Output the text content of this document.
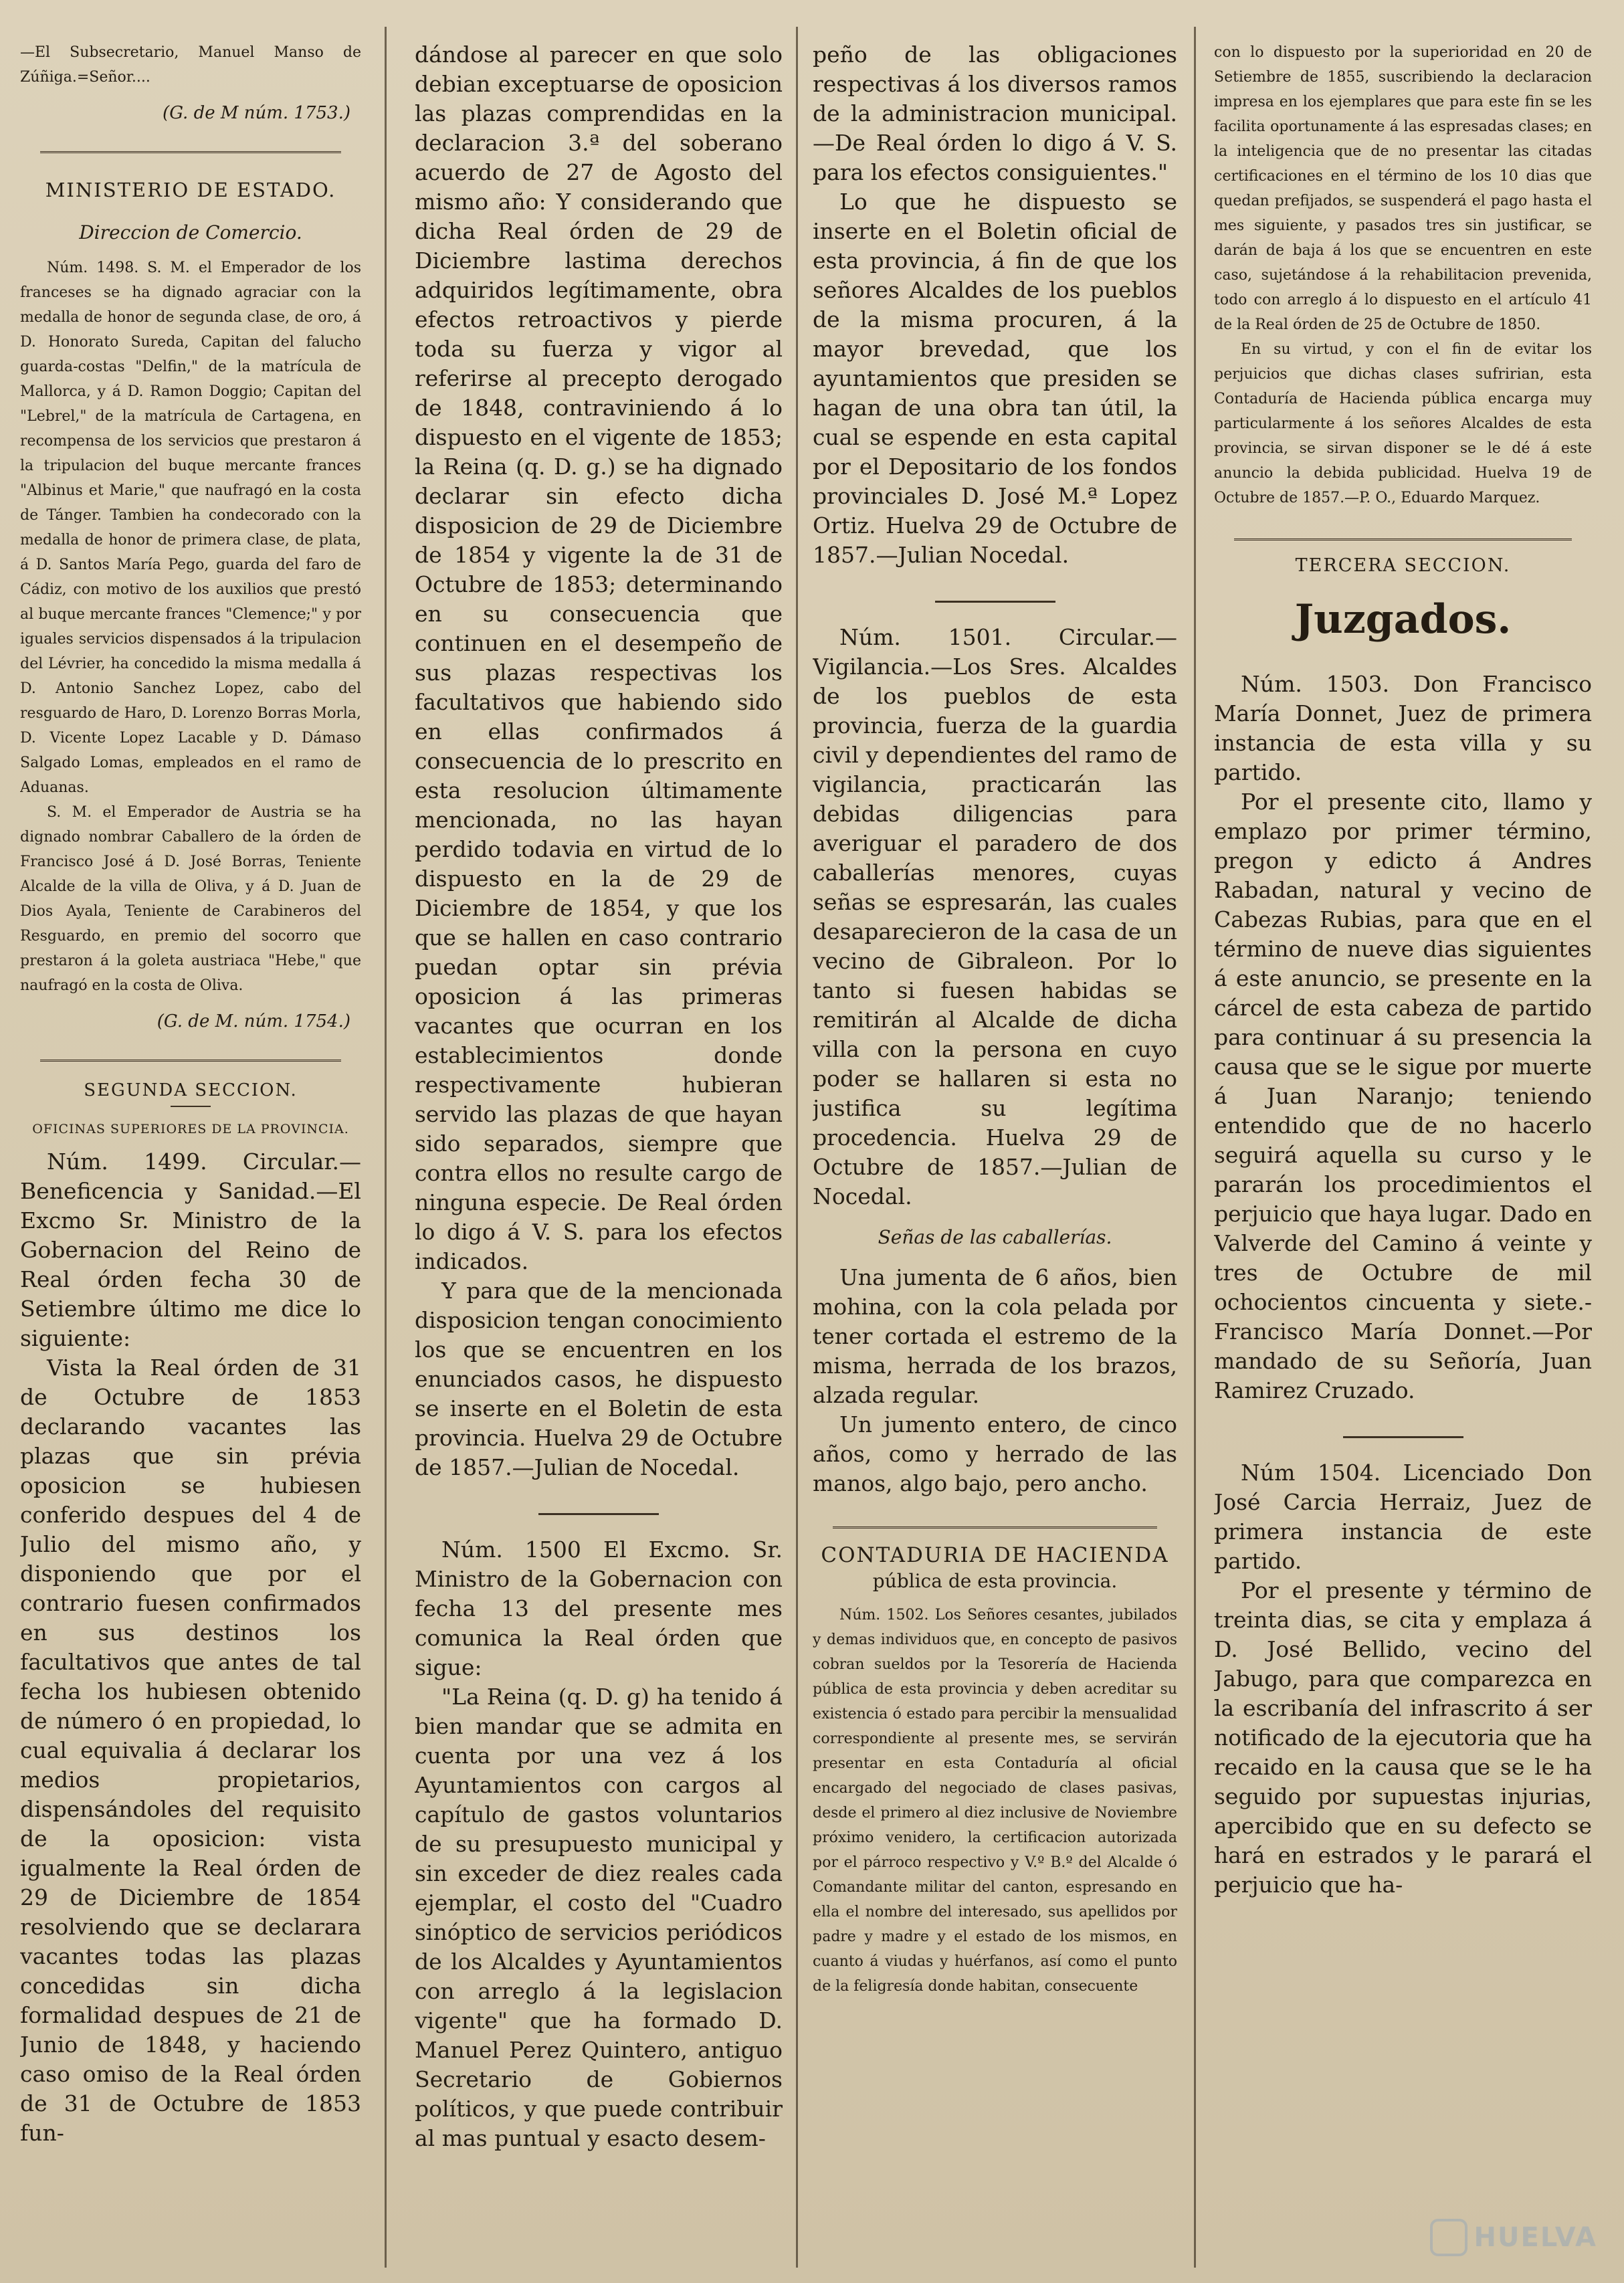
—El Subsecretario, Manuel Manso de Zúñiga.=Señor....

(G. de M núm. 1753.)

MINISTERIO DE ESTADO.

Direccion de Comercio.

Núm. 1498. S. M. el Emperador de los franceses se ha dignado agraciar con la medalla de honor de segunda clase, de oro, á D. Honorato Sureda, Capitan del falucho guarda-costas "Delfin," de la matrícula de Mallorca, y á D. Ramon Doggio; Capitan del "Lebrel," de la matrícula de Cartagena, en recompensa de los servicios que prestaron á la tripulacion del buque mercante frances "Albinus et Marie," que naufragó en la costa de Tánger. Tambien ha condecorado con la medalla de honor de primera clase, de plata, á D. Santos María Pego, guarda del faro de Cádiz, con motivo de los auxilios que prestó al buque mercante frances "Clemence;" y por iguales servicios dispensados á la tripulacion del Lévrier, ha concedido la misma medalla á D. Antonio Sanchez Lopez, cabo del resguardo de Haro, D. Lorenzo Borras Morla, D. Vicente Lopez Lacable y D. Dámaso Salgado Lomas, empleados en el ramo de Aduanas.

S. M. el Emperador de Austria se ha dignado nombrar Caballero de la órden de Francisco José á D. José Borras, Teniente Alcalde de la villa de Oliva, y á D. Juan de Dios Ayala, Teniente de Carabineros del Resguardo, en premio del socorro que prestaron á la goleta austriaca "Hebe," que naufragó en la costa de Oliva.

(G. de M. núm. 1754.)

SEGUNDA SECCION.
OFICINAS SUPERIORES DE LA PROVINCIA.

Núm. 1499. Circular.— Beneficencia y Sanidad.—El Excmo Sr. Ministro de la Gobernacion del Reino de Real órden fecha 30 de Setiembre último me dice lo siguiente:

Vista la Real órden de 31 de Octubre de 1853 declarando vacantes las plazas que sin prévia oposicion se hubiesen conferido despues del 4 de Julio del mismo año, y disponiendo que por el contrario fuesen confirmados en sus destinos los facultativos que antes de tal fecha los hubiesen obtenido de número ó en propiedad, lo cual equivalia á declarar los medios propietarios, dispensándoles del requisito de la oposicion: vista igualmente la Real órden de 29 de Diciembre de 1854 resolviendo que se declarara vacantes todas las plazas concedidas sin dicha formalidad despues de 21 de Junio de 1848, y haciendo caso omiso de la Real órden de 31 de Octubre de 1853 fun-

dándose al parecer en que solo debian exceptuarse de oposicion las plazas comprendidas en la declaracion 3.ª del soberano acuerdo de 27 de Agosto del mismo año: Y considerando que dicha Real órden de 29 de Diciembre lastima derechos adquiridos legítimamente, obra efectos retroactivos y pierde toda su fuerza y vigor al referirse al precepto derogado de 1848, contraviniendo á lo dispuesto en el vigente de 1853; la Reina (q. D. g.) se ha dignado declarar sin efecto dicha disposicion de 29 de Diciembre de 1854 y vigente la de 31 de Octubre de 1853; determinando en su consecuencia que continuen en el desempeño de sus plazas respectivas los facultativos que habiendo sido en ellas confirmados á consecuencia de lo prescrito en esta resolucion últimamente mencionada, no las hayan perdido todavia en virtud de lo dispuesto en la de 29 de Diciembre de 1854, y que los que se hallen en caso contrario puedan optar sin prévia oposicion á las primeras vacantes que ocurran en los establecimientos donde respectivamente hubieran servido las plazas de que hayan sido separados, siempre que contra ellos no resulte cargo de ninguna especie. De Real órden lo digo á V. S. para los efectos indicados.

Y para que de la mencionada disposicion tengan conocimiento los que se encuentren en los enunciados casos, he dispuesto se inserte en el Boletin de esta provincia. Huelva 29 de Octubre de 1857.—Julian de Nocedal.

Núm. 1500 El Excmo. Sr. Ministro de la Gobernacion con fecha 13 del presente mes comunica la Real órden que sigue:

"La Reina (q. D. g) ha tenido á bien mandar que se admita en cuenta por una vez á los Ayuntamientos con cargos al capítulo de gastos voluntarios de su presupuesto municipal y sin exceder de diez reales cada ejemplar, el costo del "Cuadro sinóptico de servicios periódicos de los Alcaldes y Ayuntamientos con arreglo á la legislacion vigente" que ha formado D. Manuel Perez Quintero, antiguo Secretario de Gobiernos políticos, y que puede contribuir al mas puntual y esacto desem-

peño de las obligaciones respectivas á los diversos ramos de la administracion municipal.—De Real órden lo digo á V. S. para los efectos consiguientes."

Lo que he dispuesto se inserte en el Boletin oficial de esta provincia, á fin de que los señores Alcaldes de los pueblos de la misma procuren, á la mayor brevedad, que los ayuntamientos que presiden se hagan de una obra tan útil, la cual se espende en esta capital por el Depositario de los fondos provinciales D. José M.ª Lopez Ortiz. Huelva 29 de Octubre de 1857.—Julian Nocedal.

Núm. 1501. Circular.— Vigilancia.—Los Sres. Alcaldes de los pueblos de esta provincia, fuerza de la guardia civil y dependientes del ramo de vigilancia, practicarán las debidas diligencias para averiguar el paradero de dos caballerías menores, cuyas señas se espresarán, las cuales desaparecieron de la casa de un vecino de Gibraleon. Por lo tanto si fuesen habidas se remitirán al Alcalde de dicha villa con la persona en cuyo poder se hallaren si esta no justifica su legítima procedencia. Huelva 29 de Octubre de 1857.—Julian de Nocedal.

Señas de las caballerías.

Una jumenta de 6 años, bien mohina, con la cola pelada por tener cortada el estremo de la misma, herrada de los brazos, alzada regular.

Un jumento entero, de cinco años, como y herrado de las manos, algo bajo, pero ancho.

CONTADURIA DE HACIENDA

pública de esta provincia.

Núm. 1502. Los Señores cesantes, jubilados y demas individuos que, en concepto de pasivos cobran sueldos por la Tesorería de Hacienda pública de esta provincia y deben acreditar su existencia ó estado para percibir la mensualidad correspondiente al presente mes, se servirán presentar en esta Contaduría al oficial encargado del negociado de clases pasivas, desde el primero al diez inclusive de Noviembre próximo venidero, la certificacion autorizada por el párroco respectivo y V.º B.º del Alcalde ó Comandante militar del canton, espresando en ella el nombre del interesado, sus apellidos por padre y madre y el estado de los mismos, en cuanto á viudas y huérfanos, así como el punto de la feligresía donde habitan, consecuente

con lo dispuesto por la superioridad en 20 de Setiembre de 1855, suscribiendo la declaracion impresa en los ejemplares que para este fin se les facilita oportunamente á las espresadas clases; en la inteligencia que de no presentar las citadas certificaciones en el término de los 10 dias que quedan prefijados, se suspenderá el pago hasta el mes siguiente, y pasados tres sin justificar, se darán de baja á los que se encuentren en este caso, sujetándose á la rehabilitacion prevenida, todo con arreglo á lo dispuesto en el artículo 41 de la Real órden de 25 de Octubre de 1850.

En su virtud, y con el fin de evitar los perjuicios que dichas clases sufririan, esta Contaduría de Hacienda pública encarga muy particularmente á los señores Alcaldes de esta provincia, se sirvan disponer se le dé á este anuncio la debida publicidad. Huelva 19 de Octubre de 1857.—P. O., Eduardo Marquez.

TERCERA SECCION.
Juzgados.

Núm. 1503. Don Francisco María Donnet, Juez de primera instancia de esta villa y su partido.

Por el presente cito, llamo y emplazo por primer término, pregon y edicto á Andres Rabadan, natural y vecino de Cabezas Rubias, para que en el término de nueve dias siguientes á este anuncio, se presente en la cárcel de esta cabeza de partido para continuar á su presencia la causa que se le sigue por muerte á Juan Naranjo; teniendo entendido que de no hacerlo seguirá aquella su curso y le pararán los procedimientos el perjuicio que haya lugar. Dado en Valverde del Camino á veinte y tres de Octubre de mil ochocientos cincuenta y siete.- Francisco María Donnet.—Por mandado de su Señoría, Juan Ramirez Cruzado.

Núm 1504. Licenciado Don José Carcia Herraiz, Juez de primera instancia de este partido.

Por el presente y término de treinta dias, se cita y emplaza á D. José Bellido, vecino del Jabugo, para que comparezca en la escribanía del infrascrito á ser notificado de la ejecutoria que ha recaido en la causa que se le ha seguido por supuestas injurias, apercibido que en su defecto se hará en estrados y le parará el perjuicio que ha-

HUELVA
